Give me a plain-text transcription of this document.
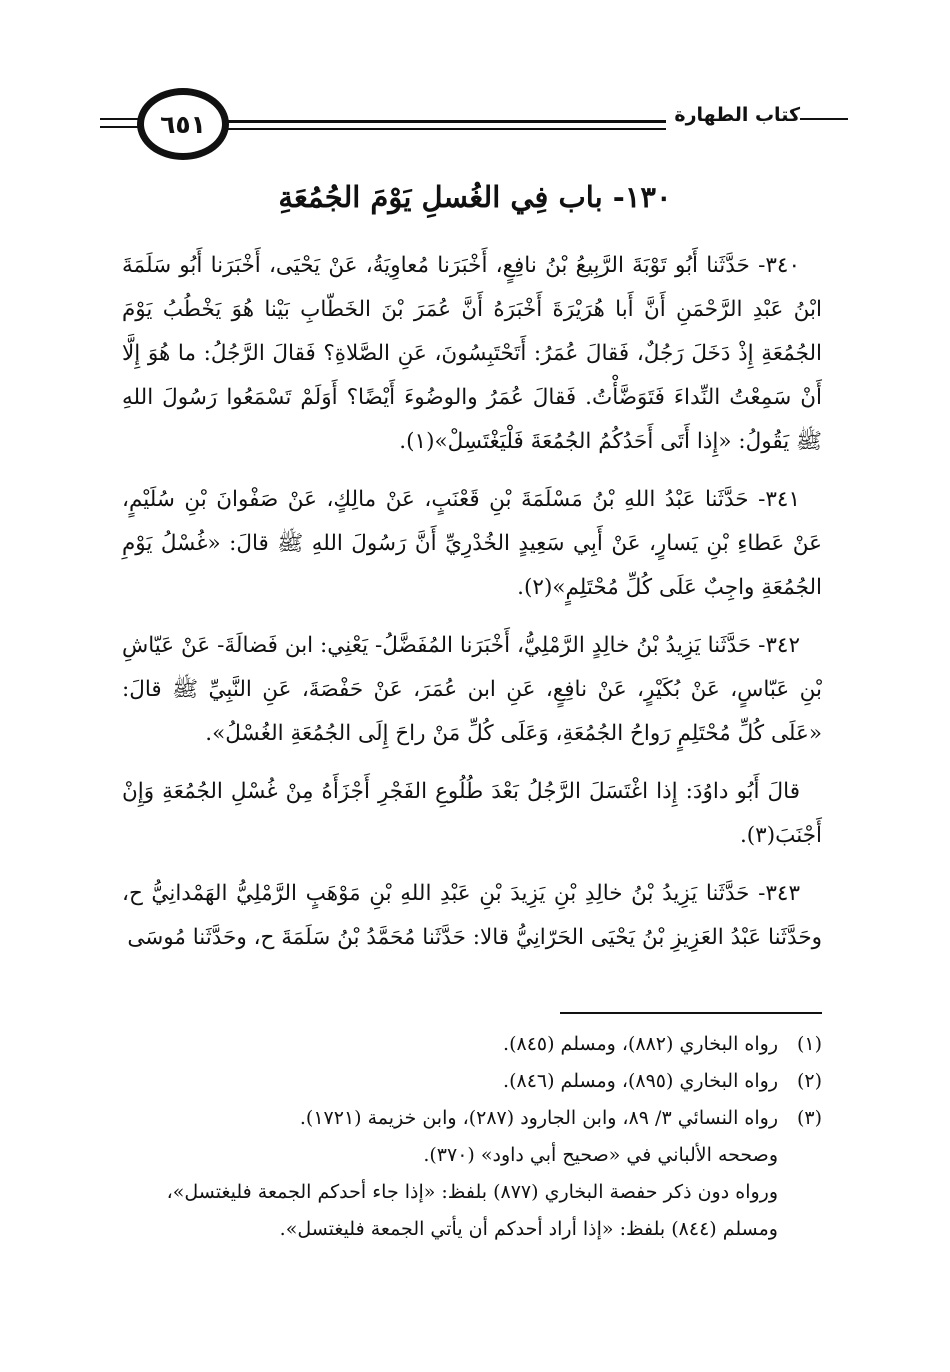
كتاب الطهارة
٦٥١
١٣٠- باب فِي الغُسلِ يَوْمَ الجُمُعَةِ

٣٤٠- حَدَّثَنا أَبُو تَوْبَةَ الرَّبِيعُ بْنُ نافِعٍ، أَخْبَرَنا مُعاوِيَةُ، عَنْ يَحْيَى، أَخْبَرَنا أَبُو سَلَمَةَ ابْنُ عَبْدِ الرَّحْمَنِ أَنَّ أَبا هُرَيْرَةَ أَخْبَرَهُ أَنَّ عُمَرَ بْنَ الخَطّابِ بَيْنا هُوَ يَخْطُبُ يَوْمَ الجُمُعَةِ إِذْ دَخَلَ رَجُلٌ، فَقالَ عُمَرُ: أَتَحْتَبِسُونَ، عَنِ الصَّلاةِ؟ فَقالَ الرَّجُلُ: ما هُوَ إِلَّا أَنْ سَمِعْتُ النِّداءَ فَتَوَضَّأْتُ. فَقالَ عُمَرُ والوضُوءَ أَيْضًا؟ أَوَلَمْ تَسْمَعُوا رَسُولَ اللهِ ﷺ يَقُولُ: «إِذا أَتَى أَحَدُكُمُ الجُمُعَةَ فَلْيَغْتَسِلْ»(١).

٣٤١- حَدَّثَنا عَبْدُ اللهِ بْنُ مَسْلَمَةَ بْنِ قَعْنَبٍ، عَنْ مالِكٍ، عَنْ صَفْوانَ بْنِ سُلَيْمٍ، عَنْ عَطاءِ بْنِ يَسارٍ، عَنْ أَبِي سَعِيدٍ الخُدْرِيِّ أَنَّ رَسُولَ اللهِ ﷺ قالَ: «غُسْلُ يَوْمِ الجُمُعَةِ واجِبٌ عَلَى كُلِّ مُحْتَلِمٍ»(٢).

٣٤٢- حَدَّثَنا يَزِيدُ بْنُ خالِدٍ الرَّمْلِيُّ، أَخْبَرَنا المُفَضَّلُ- يَعْنِي: ابن فَضالَةَ- عَنْ عَيّاشِ بْنِ عَبّاسٍ، عَنْ بُكَيْرٍ، عَنْ نافِعٍ، عَنِ ابن عُمَرَ، عَنْ حَفْصَةَ، عَنِ النَّبِيِّ ﷺ قالَ: «عَلَى كُلِّ مُحْتَلِمٍ رَواحُ الجُمُعَةِ، وَعَلَى كُلِّ مَنْ راحَ إِلَى الجُمُعَةِ الغُسْلُ».

قالَ أَبُو داوُدَ: إِذا اغْتَسَلَ الرَّجُلُ بَعْدَ طُلُوعِ الفَجْرِ أَجْزَأَهُ مِنْ غُسْلِ الجُمُعَةِ وَإِنْ أَجْنَبَ(٣).

٣٤٣- حَدَّثَنا يَزِيدُ بْنُ خالِدِ بْنِ يَزِيدَ بْنِ عَبْدِ اللهِ بْنِ مَوْهَبٍ الرَّمْلِيُّ الهَمْدانِيُّ ح، وحَدَّثَنا عَبْدُ العَزِيزِ بْنُ يَحْيَى الحَرّانِيُّ قالا: حَدَّثَنا مُحَمَّدُ بْنُ سَلَمَةَ ح، وحَدَّثَنا مُوسَى

(١)
رواه البخاري (٨٨٢)، ومسلم (٨٤٥).
(٢)
رواه البخاري (٨٩٥)، ومسلم (٨٤٦).
(٣)
رواه النسائي ٣/ ٨٩، وابن الجارود (٢٨٧)، وابن خزيمة (١٧٢١).
وصححه الألباني في «صحيح أبي داود» (٣٧٠).
ورواه دون ذكر حفصة البخاري (٨٧٧) بلفظ: «إذا جاء أحدكم الجمعة فليغتسل»،
ومسلم (٨٤٤) بلفظ: «إذا أراد أحدكم أن يأتي الجمعة فليغتسل».
